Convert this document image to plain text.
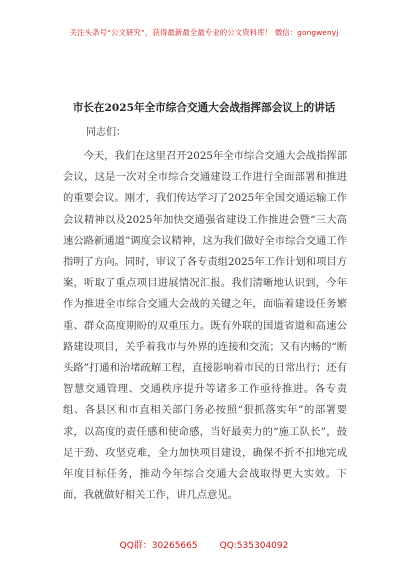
关注头条号“公文研究”，获得最新最全最专业的公文资料库！ 微信：gongwenyj
市长在2025年全市综合交通大会战指挥部会议上的讲话
同志们：

今天，我们在这里召开2025年全市综合交通大会战指挥部会议，这是一次对全市综合交通建设工作进行全面部署和推进的重要会议。刚才，我们传达学习了2025年全国交通运输工作会议精神以及2025年加快交通强省建设工作推进会暨“三大高速公路新通道”调度会议精神，这为我们做好全市综合交通工作指明了方向。同时，审议了各专责组2025年工作计划和项目方案，听取了重点项目进展情况汇报。我们清晰地认识到，今年作为推进全市综合交通大会战的关键之年，面临着建设任务繁重、群众高度期盼的双重压力。既有外联的国道省道和高速公路建设项目，关乎着我市与外界的连接和交流；又有内畅的“断头路”打通和治堵疏解工程，直接影响着市民的日常出行；还有智慧交通管理、交通秩序提升等诸多工作亟待推进。各专责组、各县区和市直相关部门务必按照“狠抓落实年”的部署要求，以高度的责任感和使命感，当好最卖力的“施工队长”，鼓足干劲、攻坚克难，全力加快项目建设，确保不折不扣地完成年度目标任务，推动今年综合交通大会战取得更大实效。下面，我就做好相关工作，讲几点意见。

QQ群：30265665 QQ:535304092
